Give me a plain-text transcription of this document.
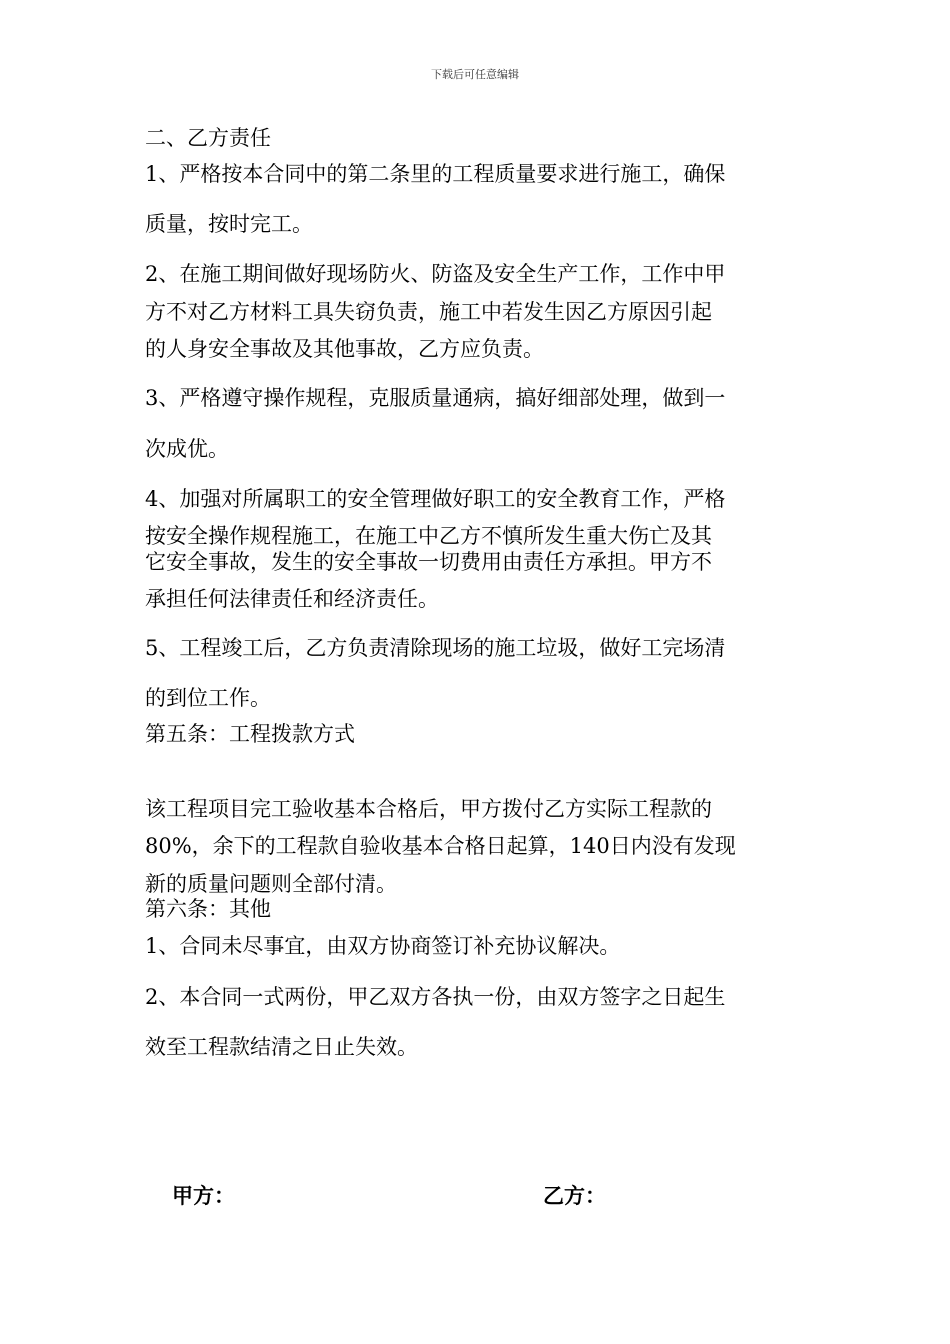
下载后可任意编辑
二、乙方责任
1、严格按本合同中的第二条里的工程质量要求进行施工，确保
质量，按时完工。
2、在施工期间做好现场防火、防盗及安全生产工作，工作中甲
方不对乙方材料工具失窃负责，施工中若发生因乙方原因引起
的人身安全事故及其他事故，乙方应负责。
3、严格遵守操作规程，克服质量通病，搞好细部处理，做到一
次成优。
4、加强对所属职工的安全管理做好职工的安全教育工作，严格
按安全操作规程施工，在施工中乙方不慎所发生重大伤亡及其
它安全事故，发生的安全事故一切费用由责任方承担。甲方不
承担任何法律责任和经济责任。
5、工程竣工后，乙方负责清除现场的施工垃圾，做好工完场清
的到位工作。
第五条：工程拨款方式
该工程项目完工验收基本合格后，甲方拨付乙方实际工程款的
80%，余下的工程款自验收基本合格日起算，140日内没有发现
新的质量问题则全部付清。
第六条：其他
1、合同未尽事宜，由双方协商签订补充协议解决。
2、本合同一式两份，甲乙双方各执一份，由双方签字之日起生
效至工程款结清之日止失效。
甲方：	乙方：
